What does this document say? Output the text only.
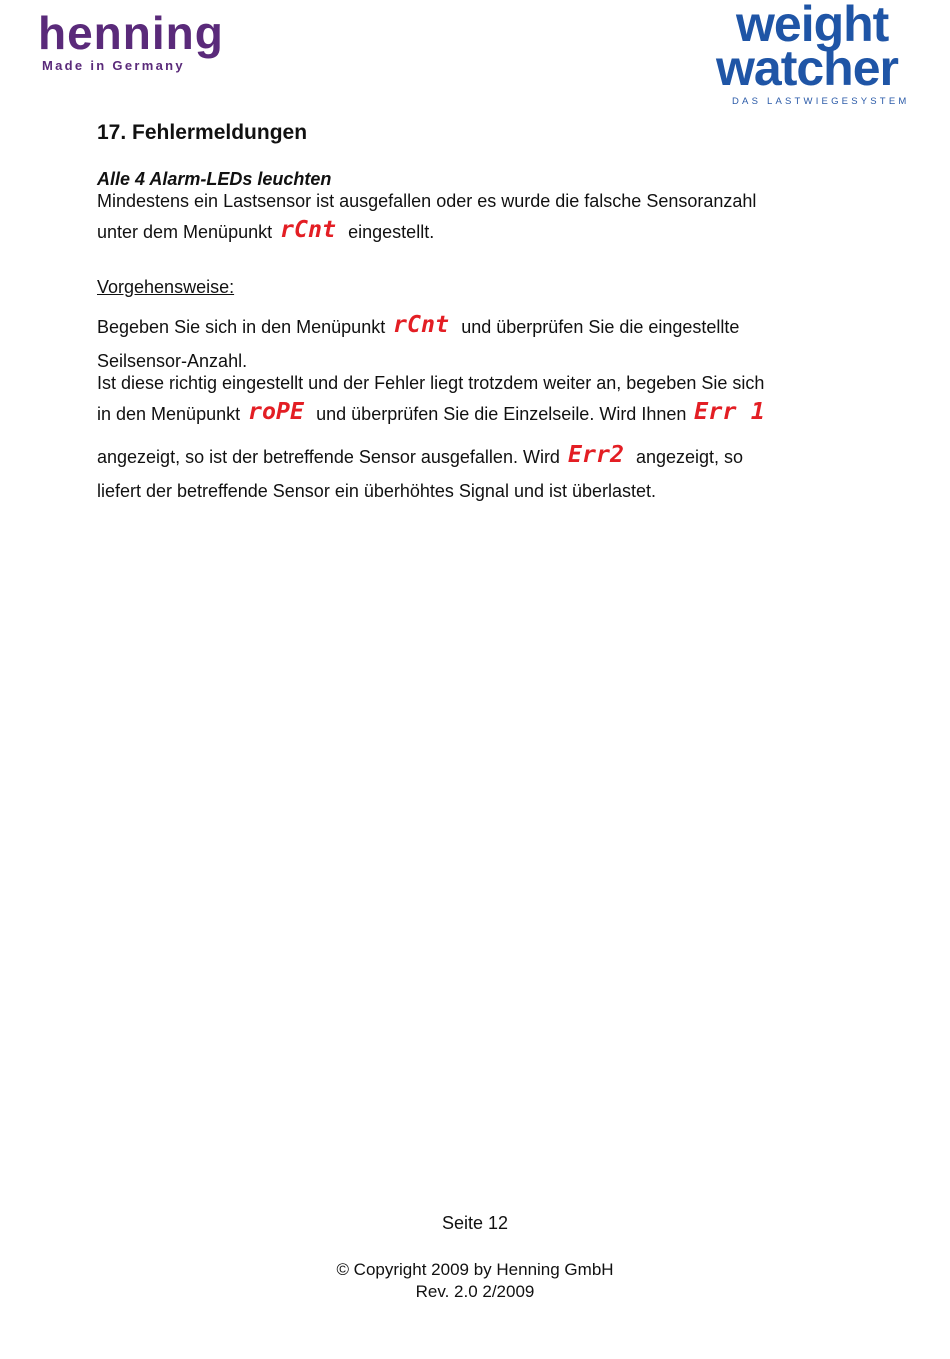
henning
Made in Germany
weight
watcher
DAS LASTWIEGESYSTEM
17. Fehlermeldungen
Alle 4 Alarm-LEDs leuchten
Mindestens ein Lastsensor ist ausgefallen oder es wurde die falsche Sensoranzahl
unter dem Menüpunkt rCnt eingestellt.
Vorgehensweise:
Begeben Sie sich in den Menüpunkt rCnt und überprüfen Sie die eingestellte
Seilsensor-Anzahl.
Ist diese richtig eingestellt und der Fehler liegt trotzdem weiter an, begeben Sie sich
in den Menüpunkt roPE und überprüfen Sie die Einzelseile. Wird Ihnen Err 1
angezeigt, so ist der betreffende Sensor ausgefallen. Wird Err2 angezeigt, so
liefert der betreffende Sensor ein überhöhtes Signal und ist überlastet.
Seite 12
© Copyright 2009 by Henning GmbH
Rev. 2.0 2/2009
